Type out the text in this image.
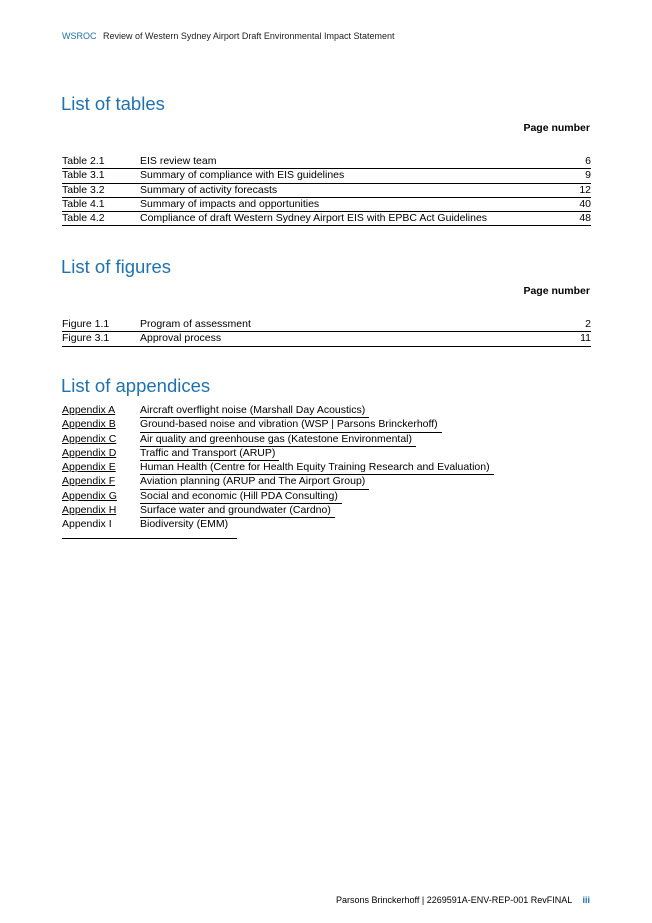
WSROC Review of Western Sydney Airport Draft Environmental Impact Statement
List of tables
Page number
Table 2.1	EIS review team	6
Table 3.1	Summary of compliance with EIS guidelines	9
Table 3.2	Summary of activity forecasts	12
Table 4.1	Summary of impacts and opportunities	40
Table 4.2	Compliance of draft Western Sydney Airport EIS with EPBC Act Guidelines	48
List of figures
Page number
Figure 1.1	Program of assessment	2
Figure 3.1	Approval process	11
List of appendices
Appendix A	Aircraft overflight noise (Marshall Day Acoustics)
Appendix B	Ground-based noise and vibration (WSP | Parsons Brinckerhoff)
Appendix C	Air quality and greenhouse gas (Katestone Environmental)
Appendix D	Traffic and Transport (ARUP)
Appendix E	Human Health (Centre for Health Equity Training Research and Evaluation)
Appendix F	Aviation planning (ARUP and The Airport Group)
Appendix G	Social and economic (Hill PDA Consulting)
Appendix H	Surface water and groundwater (Cardno)
Appendix I	Biodiversity (EMM)
Parsons Brinckerhoff | 2269591A-ENV-REP-001 RevFINAL iii
